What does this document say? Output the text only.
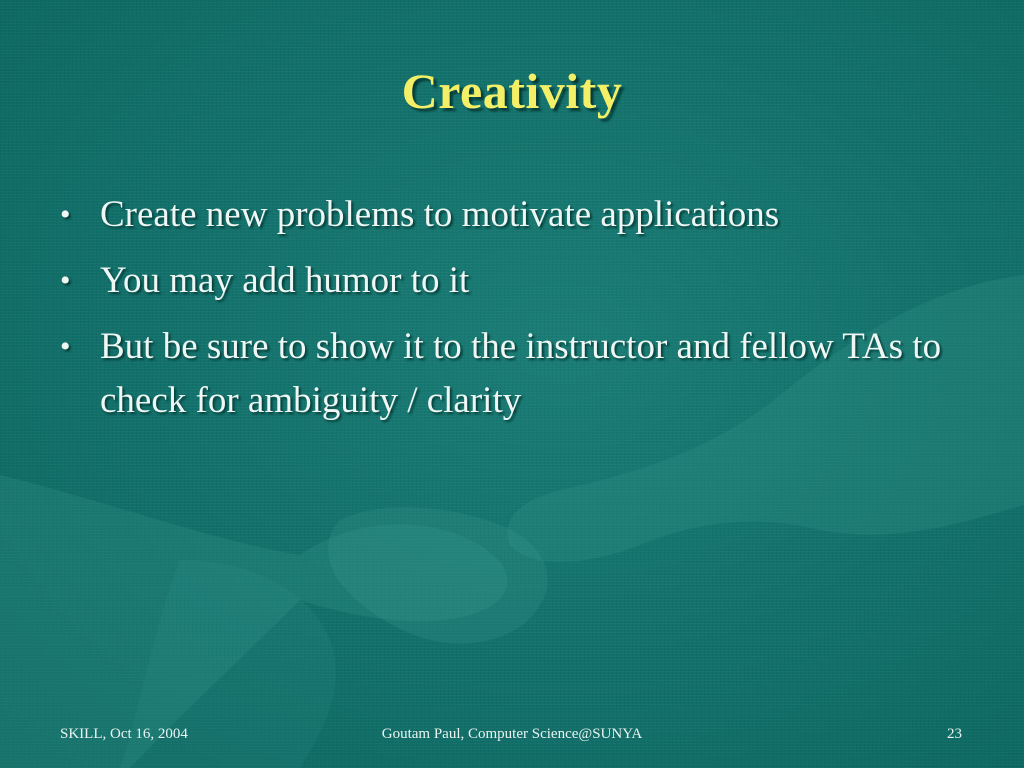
Creativity
• Create new problems to motivate applications
• You may add humor to it
• But be sure to show it to the instructor and fellow TAs to check for ambiguity / clarity
SKILL, Oct 16, 2004	Goutam Paul, Computer Science@SUNYA	23
